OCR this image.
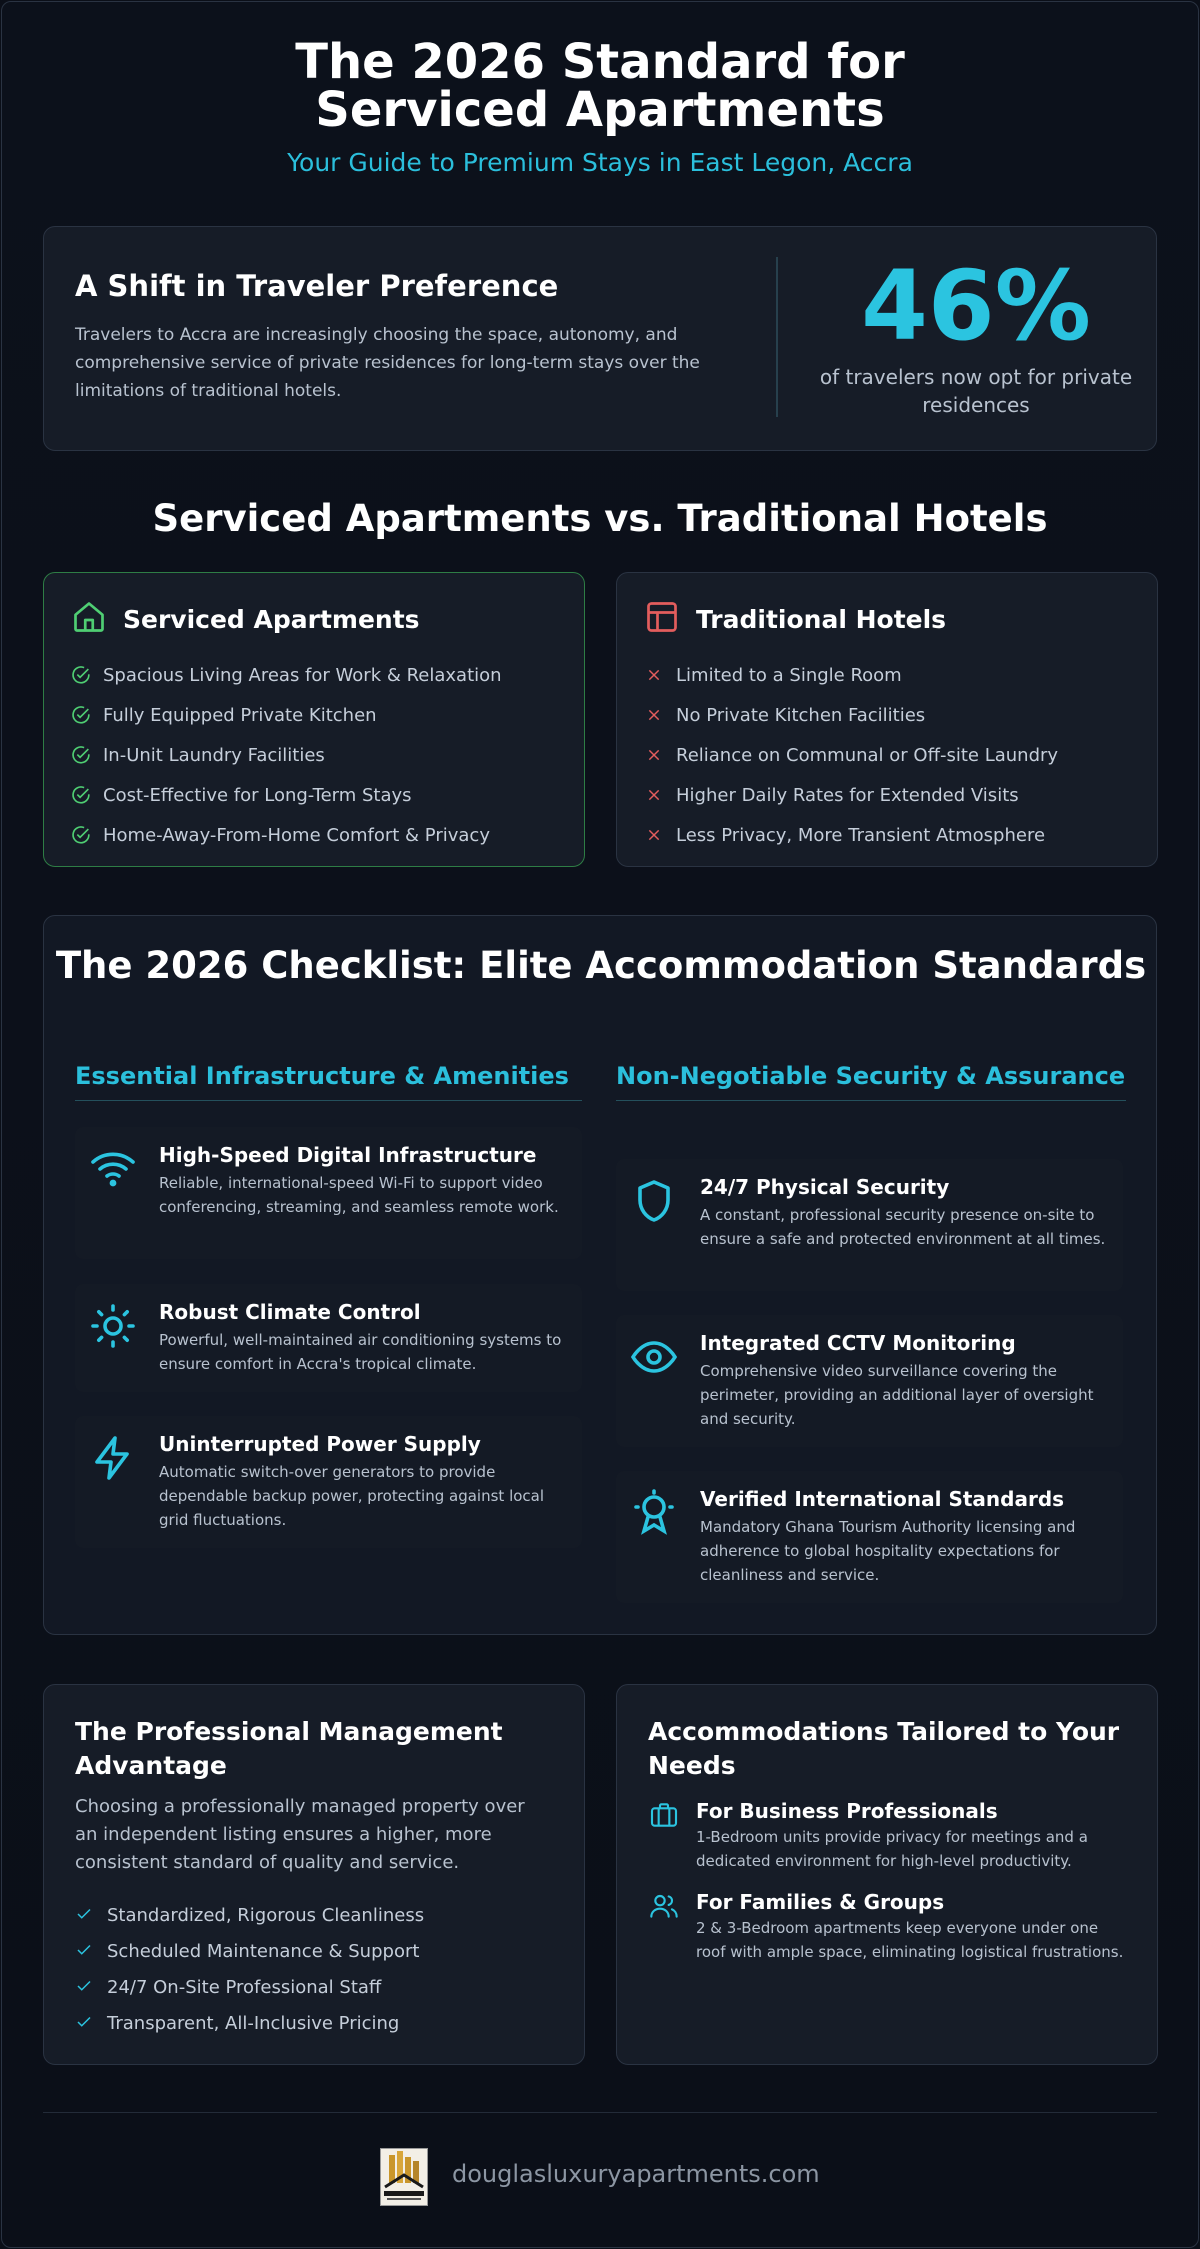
The 2026 Standard for Serviced Apartments
Your Guide to Premium Stays in East Legon, Accra
A Shift in Traveler Preference
Travelers to Accra are increasingly choosing the space, autonomy, and comprehensive service of private residences for long-term stays over the limitations of traditional hotels.
46%
of travelers now opt for private residences
Serviced Apartments vs. Traditional Hotels
Serviced Apartments
Spacious Living Areas for Work & Relaxation
Fully Equipped Private Kitchen
In-Unit Laundry Facilities
Cost-Effective for Long-Term Stays
Home-Away-From-Home Comfort & Privacy
Traditional Hotels
Limited to a Single Room
No Private Kitchen Facilities
Reliance on Communal or Off-site Laundry
Higher Daily Rates for Extended Visits
Less Privacy, More Transient Atmosphere
The 2026 Checklist: Elite Accommodation Standards
Essential Infrastructure & Amenities	Non-Negotiable Security & Assurance
High-Speed Digital Infrastructure
Reliable, international-speed Wi-Fi to support video conferencing, streaming, and seamless remote work.
Robust Climate Control
Powerful, well-maintained air conditioning systems to ensure comfort in Accra's tropical climate.
Uninterrupted Power Supply
Automatic switch-over generators to provide dependable backup power, protecting against local grid fluctuations.
24/7 Physical Security
A constant, professional security presence on-site to ensure a safe and protected environment at all times.
Integrated CCTV Monitoring
Comprehensive video surveillance covering the perimeter, providing an additional layer of oversight and security.
Verified International Standards
Mandatory Ghana Tourism Authority licensing and adherence to global hospitality expectations for cleanliness and service.
The Professional Management Advantage
Choosing a professionally managed property over an independent listing ensures a higher, more consistent standard of quality and service.
Standardized, Rigorous Cleanliness
Scheduled Maintenance & Support
24/7 On-Site Professional Staff
Transparent, All-Inclusive Pricing
Accommodations Tailored to Your Needs
For Business Professionals
1-Bedroom units provide privacy for meetings and a dedicated environment for high-level productivity.
For Families & Groups
2 & 3-Bedroom apartments keep everyone under one roof with ample space, eliminating logistical frustrations.
douglasluxuryapartments.com
